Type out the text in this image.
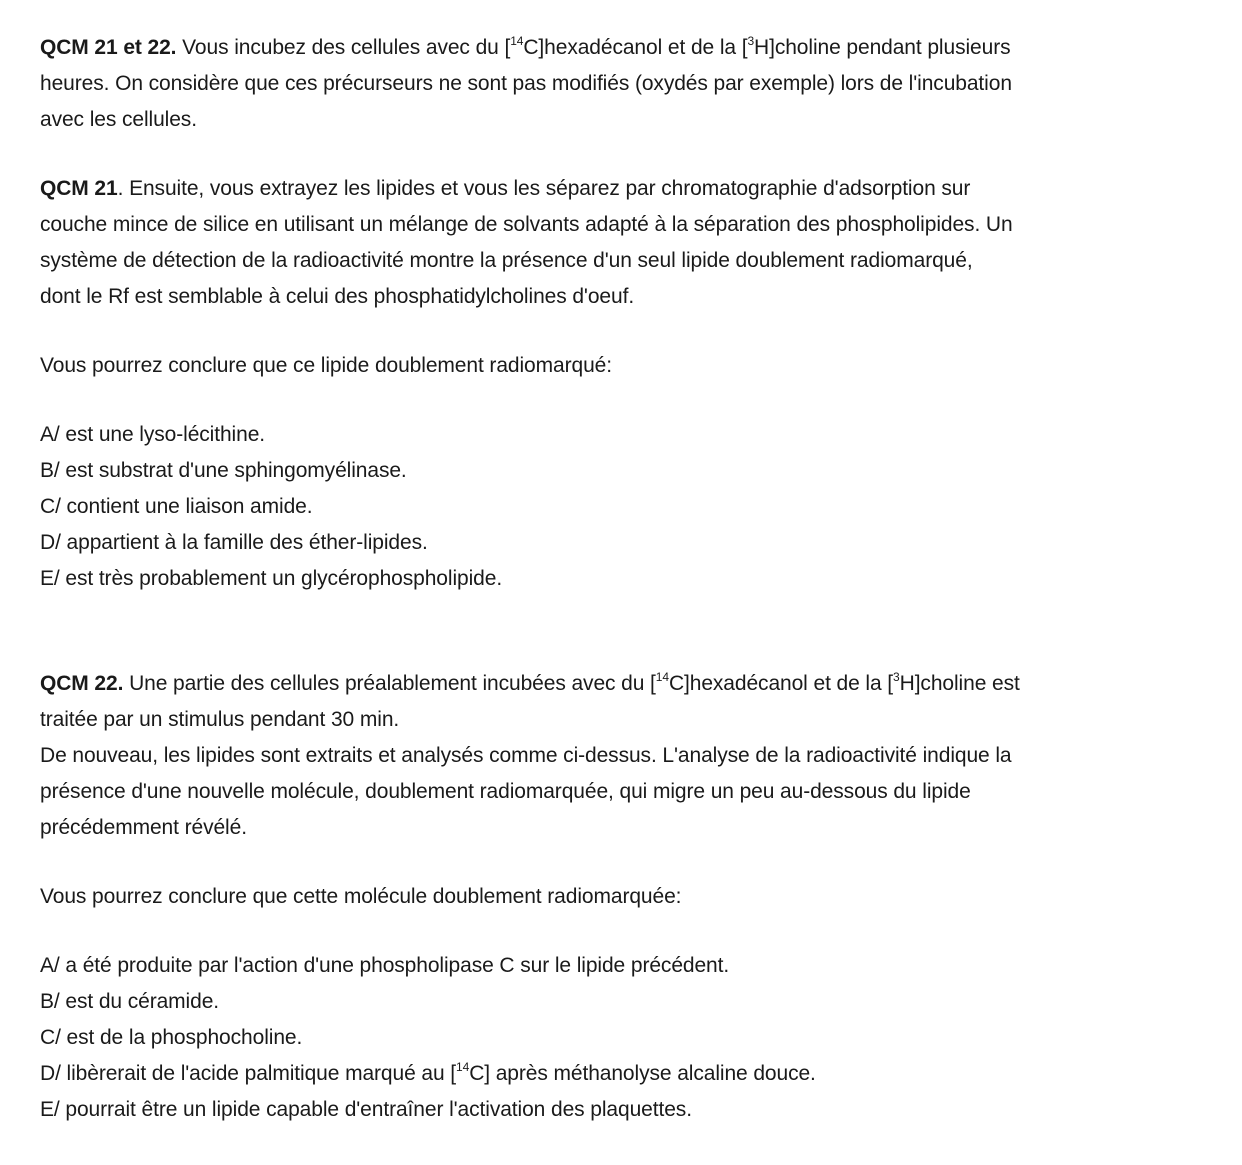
QCM 21 et 22. Vous incubez des cellules avec du [$^{14}$C]hexadécanol et de la [$^3$H]choline pendant plusieurs
heures. On considère que ces précurseurs ne sont pas modifiés (oxydés par exemple) lors de l'incubation
avec les cellules.

QCM 21. Ensuite, vous extrayez les lipides et vous les séparez par chromatographie d'adsorption sur
couche mince de silice en utilisant un mélange de solvants adapté à la séparation des phospholipides. Un
système de détection de la radioactivité montre la présence d'un seul lipide doublement radiomarqué,
dont le Rf est semblable à celui des phosphatidylcholines d'oeuf.

Vous pourrez conclure que ce lipide doublement radiomarqué:

A/ est une lyso-lécithine.
B/ est substrat d'une sphingomyélinase.
C/ contient une liaison amide.
D/ appartient à la famille des éther-lipides.
E/ est très probablement un glycérophospholipide.

QCM 22. Une partie des cellules préalablement incubées avec du [$^{14}$C]hexadécanol et de la [$^3$H]choline est
traitée par un stimulus pendant 30 min.
De nouveau, les lipides sont extraits et analysés comme ci-dessus. L'analyse de la radioactivité indique la
présence d'une nouvelle molécule, doublement radiomarquée, qui migre un peu au-dessous du lipide
précédemment révélé.

Vous pourrez conclure que cette molécule doublement radiomarquée:

A/ a été produite par l'action d'une phospholipase C sur le lipide précédent.
B/ est du céramide.
C/ est de la phosphocholine.
D/ libèrerait de l'acide palmitique marqué au [$^{14}$C] après méthanolyse alcaline douce.
E/ pourrait être un lipide capable d'entraîner l'activation des plaquettes.
